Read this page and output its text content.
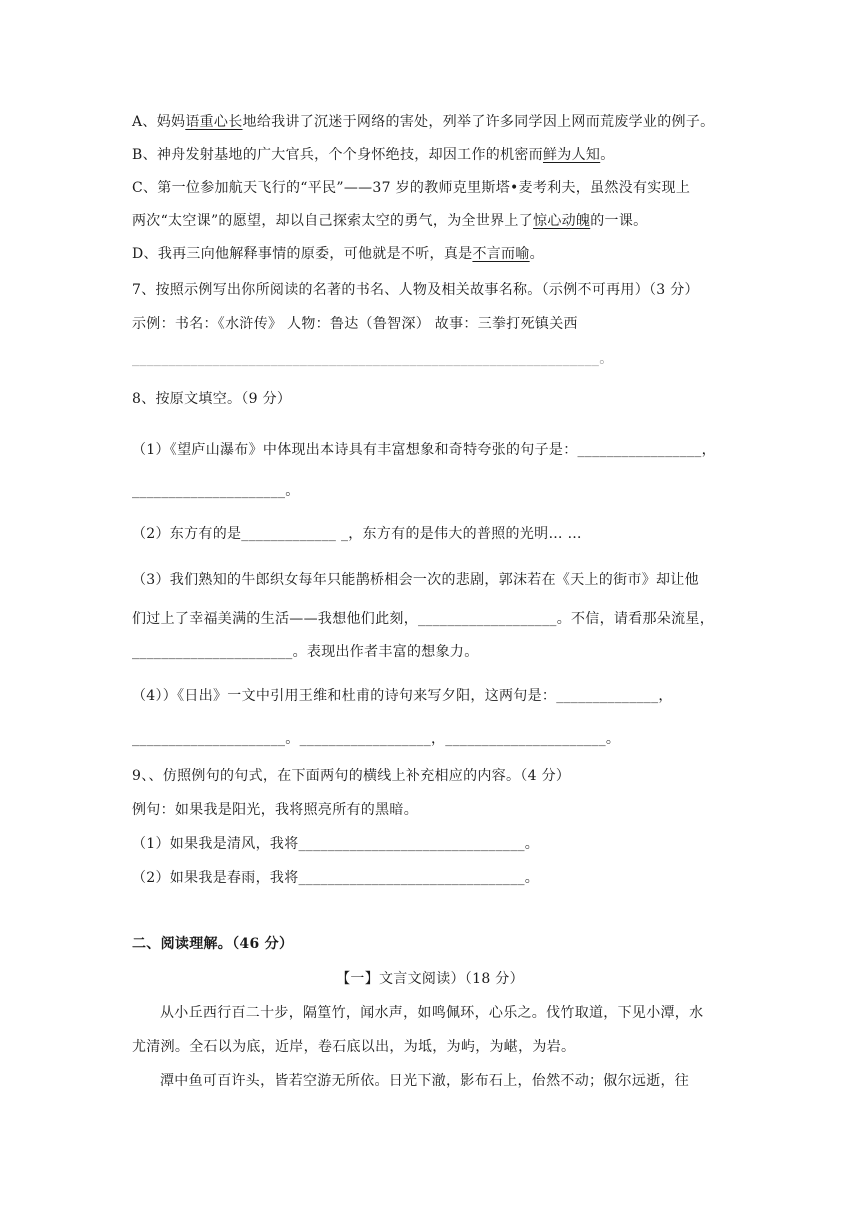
A、妈妈语重心长地给我讲了沉迷于网络的害处，列举了许多同学因上网而荒废学业的例子。
B、神舟发射基地的广大官兵，个个身怀绝技，却因工作的机密而鲜为人知。
C、第一位参加航天飞行的“平民”——37 岁的教师克里斯塔•麦考利夫，虽然没有实现上
两次“太空课”的愿望，却以自己探索太空的勇气，为全世界上了惊心动魄的一课。
D、我再三向他解释事情的原委，可他就是不听，真是不言而喻。
7、按照示例写出你所阅读的名著的书名、人物及相关故事名称。（示例不可再用）（3 分）
示例：书名：《水浒传》 人物：鲁达（鲁智深） 故事：三拳打死镇关西
________________________________________________________________。
8、按原文填空。（9 分）
（1）《望庐山瀑布》中体现出本诗具有丰富想象和奇特夸张的句子是：_________________，
_____________________。
（2）东方有的是_____________ _，东方有的是伟大的普照的光明… …
（3）我们熟知的牛郎织女每年只能鹊桥相会一次的悲剧，郭沫若在《天上的街市》却让他
们过上了幸福美满的生活——我想他们此刻，___________________。不信，请看那朵流星，
______________________。表现出作者丰富的想象力。
（4））《日出》一文中引用王维和杜甫的诗句来写夕阳，这两句是：______________，
_____________________。__________________，______________________。
9、、仿照例句的句式，在下面两句的横线上补充相应的内容。（4 分）
例句：如果我是阳光，我将照亮所有的黑暗。
（1）如果我是清风，我将_______________________________。
（2）如果我是春雨，我将_______________________________。
二、阅读理解。（46 分）
【一】文言文阅读）（18 分）
从小丘西行百二十步，隔篁竹，闻水声，如鸣佩环，心乐之。伐竹取道，下见小潭，水
尤清洌。全石以为底，近岸，卷石底以出，为坻，为屿，为嵁，为岩。
潭中鱼可百许头，皆若空游无所依。日光下澈，影布石上，佁然不动；俶尔远逝，往
